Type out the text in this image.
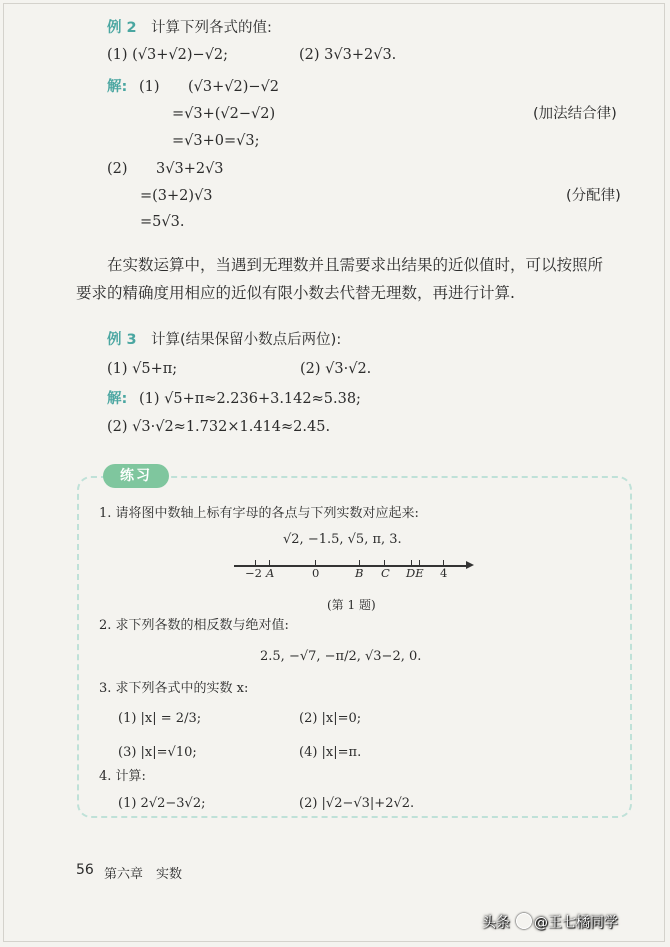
例 2 计算下列各式的值:
(1) (√3+√2)−√2;	(2) 3√3+2√3.
解: (1) (√3+√2)−√2
=√3+(√2−√2)	(加法结合律)
=√3+0=√3;
(2) 3√3+2√3
=(3+2)√3	(分配律)
=5√3.
在实数运算中，当遇到无理数并且需要求出结果的近似值时，可以按照所
要求的精确度用相应的近似有限小数去代替无理数，再进行计算.
例 3 计算(结果保留小数点后两位):
(1) √5+π;	(2) √3·√2.
解: (1) √5+π≈2.236+3.142≈5.38;
(2) √3·√2≈1.732×1.414≈2.45.
练习
1. 请将图中数轴上标有字母的各点与下列实数对应起来:
√2, −1.5, √5, π, 3.
−2 A	0	B C DE 4
(第 1 题)
2. 求下列各数的相反数与绝对值:
2.5, −√7, −π/2, √3−2, 0.
3. 求下列各式中的实数 x:
(1) |x| = 2/3;	(2) |x|=0;
(3) |x|=√10;	(4) |x|=π.
4. 计算:
(1) 2√2−3√2;	(2) |√2−√3|+2√2.
56 第六章　实数
头条 @王七橘同学
